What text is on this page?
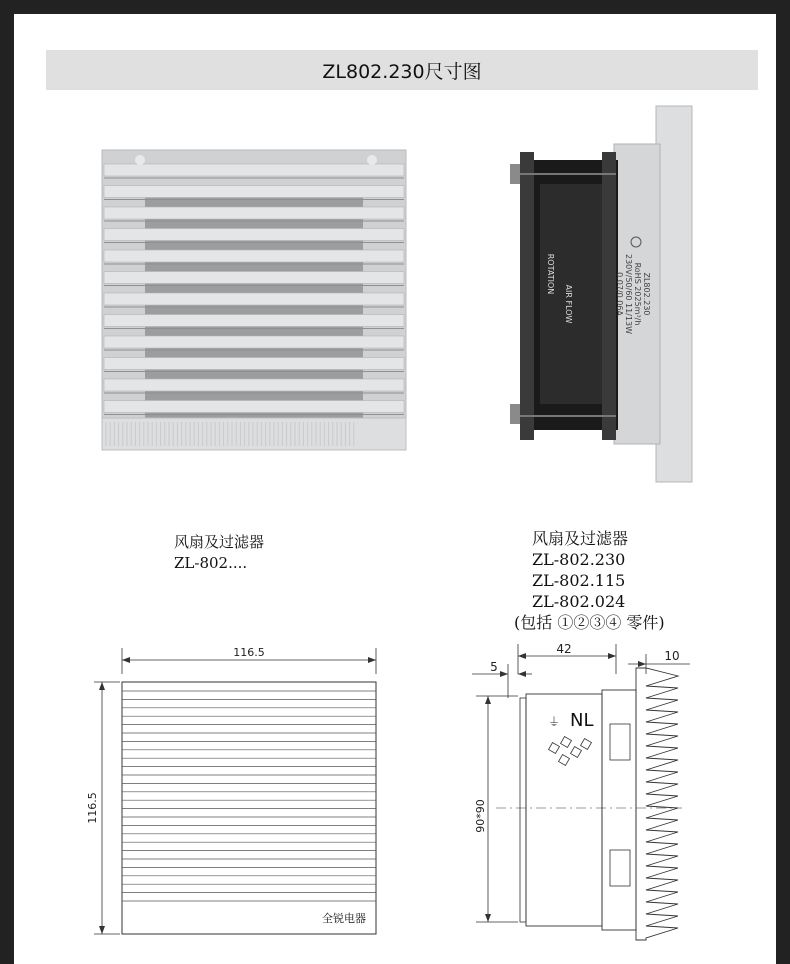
ZL802.230尺寸图
AIR FLOW
ROTATION	ZL802.230
RoHS 2025m³/h
230V/50/60 11/13W
0.07/0.06A
风扇及过滤器
ZL-802....
风扇及过滤器
ZL-802.230
ZL-802.115
ZL-802.024
(包括 ①②③④ 零件)
116.5
116.5
全锐电器
42
5
10
90*90
NL
⏚
